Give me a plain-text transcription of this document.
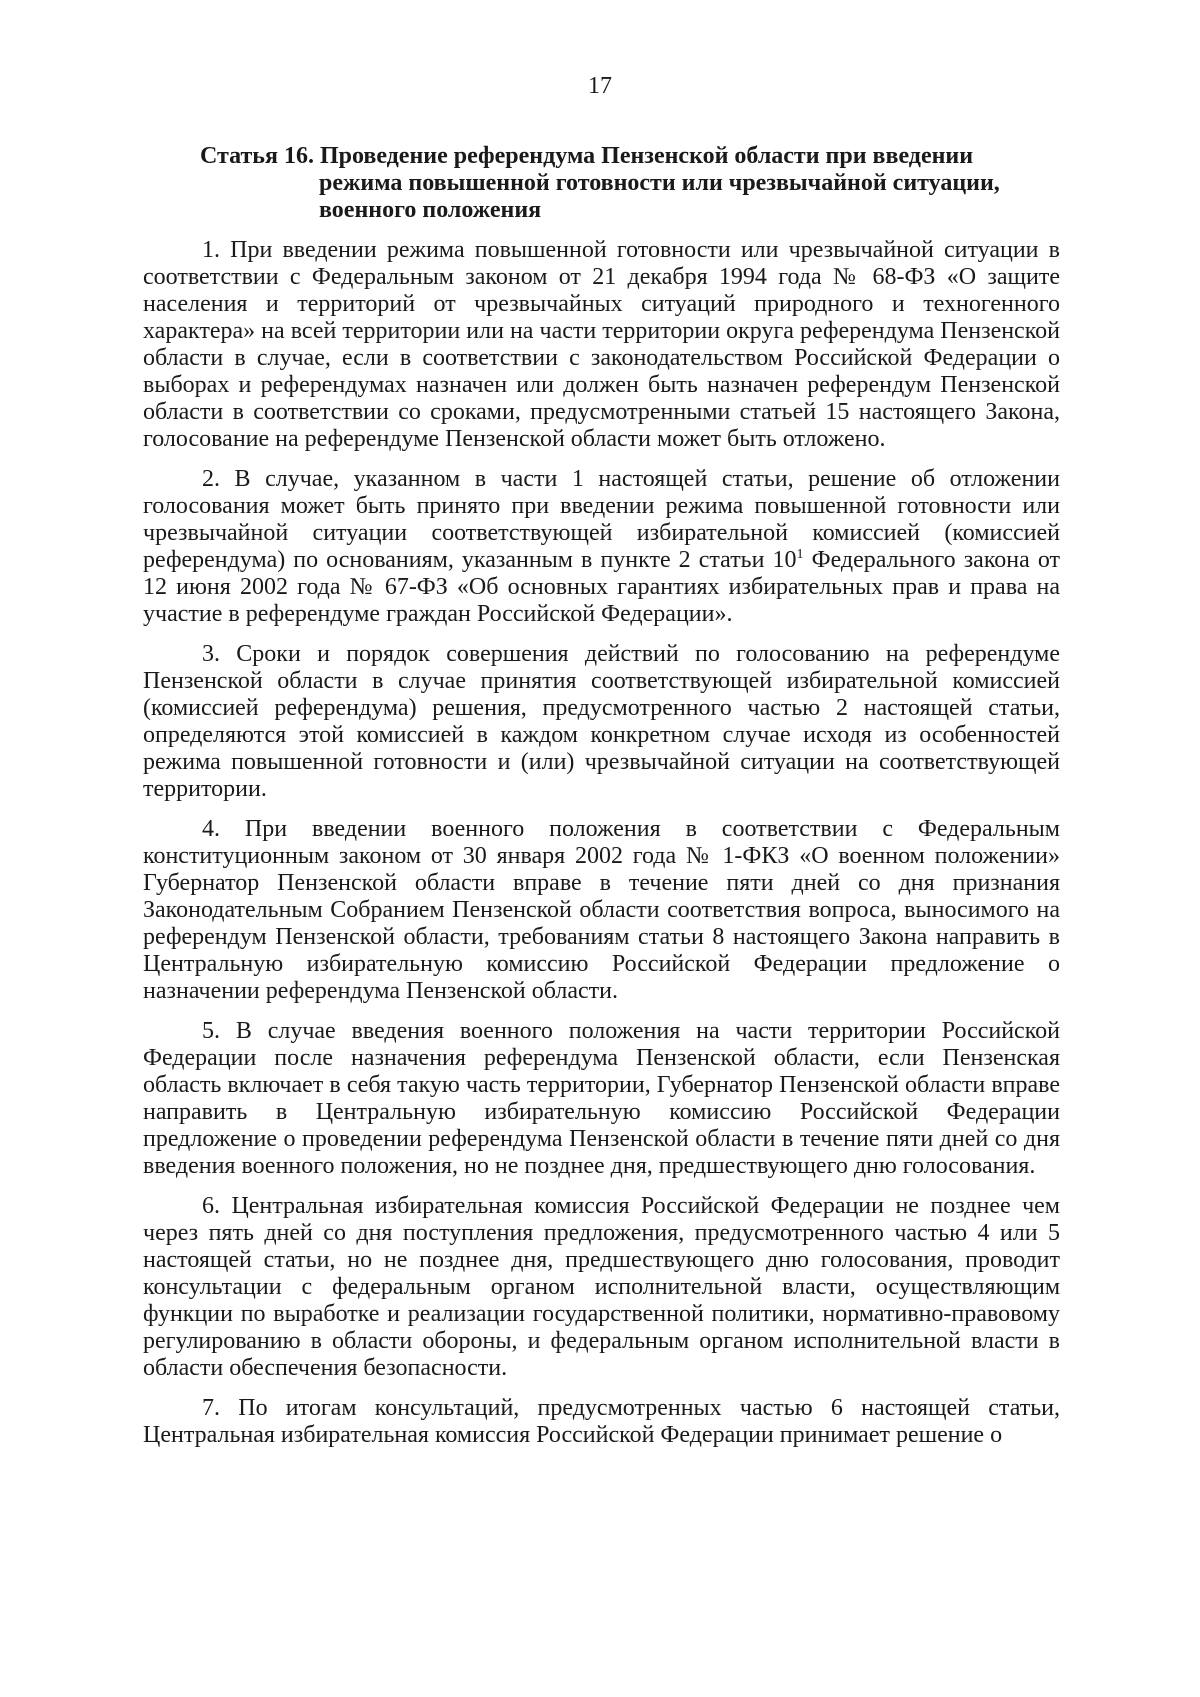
17
Статья 16. Проведение референдума Пензенской области при введении
режима повышенной готовности или чрезвычайной ситуации,
военного положения

1. При введении режима повышенной готовности или чрезвычайной ситуации в соответствии с Федеральным законом от 21 декабря 1994 года № 68-ФЗ «О защите населения и территорий от чрезвычайных ситуаций природного и техногенного характера» на всей территории или на части территории округа референдума Пензенской области в случае, если в соответствии с законодательством Российской Федерации о выборах и референдумах назначен или должен быть назначен референдум Пензенской области в соответствии со сроками, предусмотренными статьей 15 настоящего Закона, голосование на референдуме Пензенской области может быть отложено.

2. В случае, указанном в части 1 настоящей статьи, решение об отложении голосования может быть принято при введении режима повышенной готовности или чрезвычайной ситуации соответствующей избирательной комиссией (комиссией референдума) по основаниям, указанным в пункте 2 статьи $10^1$ Федерального закона от 12 июня 2002 года № 67-ФЗ «Об основных гарантиях избирательных прав и права на участие в референдуме граждан Российской Федерации».

3. Сроки и порядок совершения действий по голосованию на референдуме Пензенской области в случае принятия соответствующей избирательной комиссией (комиссией референдума) решения, предусмотренного частью 2 настоящей статьи, определяются этой комиссией в каждом конкретном случае исходя из особенностей режима повышенной готовности и (или) чрезвычайной ситуации на соответствующей территории.

4. При введении военного положения в соответствии с Федеральным конституционным законом от 30 января 2002 года № 1-ФКЗ «О военном положении» Губернатор Пензенской области вправе в течение пяти дней со дня признания Законодательным Собранием Пензенской области соответствия вопроса, выносимого на референдум Пензенской области, требованиям статьи 8 настоящего Закона направить в Центральную избирательную комиссию Российской Федерации предложение о назначении референдума Пензенской области.

5. В случае введения военного положения на части территории Российской Федерации после назначения референдума Пензенской области, если Пензенская область включает в себя такую часть территории, Губернатор Пензенской области вправе направить в Центральную избирательную комиссию Российской Федерации предложение о проведении референдума Пензенской области в течение пяти дней со дня введения военного положения, но не позднее дня, предшествующего дню голосования.

6. Центральная избирательная комиссия Российской Федерации не позднее чем через пять дней со дня поступления предложения, предусмотренного частью 4 или 5 настоящей статьи, но не позднее дня, предшествующего дню голосования, проводит консультации с федеральным органом исполнительной власти, осуществляющим функции по выработке и реализации государственной политики, нормативно-правовому регулированию в области обороны, и федеральным органом исполнительной власти в области обеспечения безопасности.

7. По итогам консультаций, предусмотренных частью 6 настоящей статьи, Центральная избирательная комиссия Российской Федерации принимает решение о
